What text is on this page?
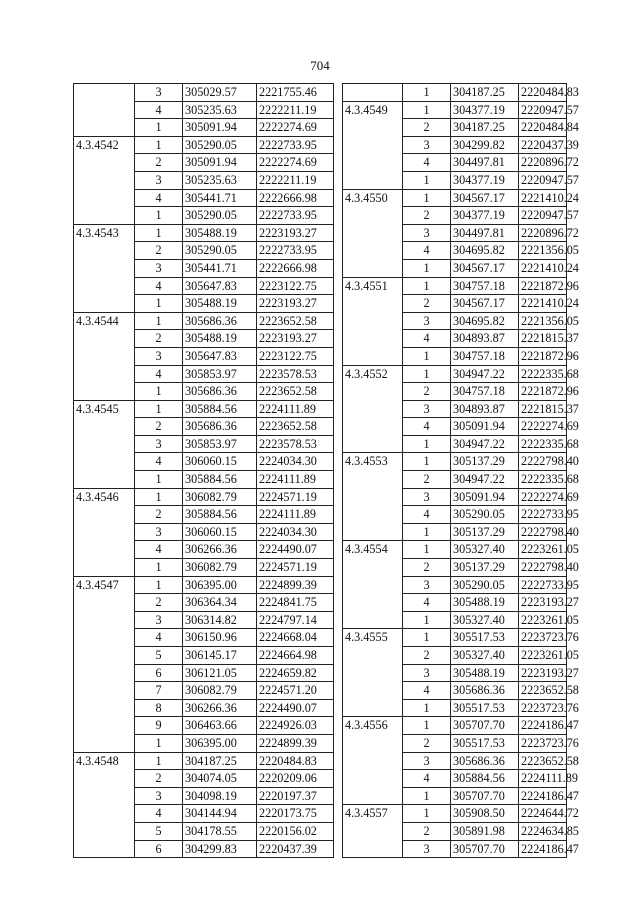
704
	3	305029.57	2221755.46
	4	305235.63	2222211.19
	1	305091.94	2222274.69
4.3.4542	1	305290.05	2222733.95
	2	305091.94	2222274.69
	3	305235.63	2222211.19
	4	305441.71	2222666.98
	1	305290.05	2222733.95
4.3.4543	1	305488.19	2223193.27
	2	305290.05	2222733.95
	3	305441.71	2222666.98
	4	305647.83	2223122.75
	1	305488.19	2223193.27
4.3.4544	1	305686.36	2223652.58
	2	305488.19	2223193.27
	3	305647.83	2223122.75
	4	305853.97	2223578.53
	1	305686.36	2223652.58
4.3.4545	1	305884.56	2224111.89
	2	305686.36	2223652.58
	3	305853.97	2223578.53
	4	306060.15	2224034.30
	1	305884.56	2224111.89
4.3.4546	1	306082.79	2224571.19
	2	305884.56	2224111.89
	3	306060.15	2224034.30
	4	306266.36	2224490.07
	1	306082.79	2224571.19
4.3.4547	1	306395.00	2224899.39
	2	306364.34	2224841.75
	3	306314.82	2224797.14
	4	306150.96	2224668.04
	5	306145.17	2224664.98
	6	306121.05	2224659.82
	7	306082.79	2224571.20
	8	306266.36	2224490.07
	9	306463.66	2224926.03
	1	306395.00	2224899.39
4.3.4548	1	304187.25	2220484.83
	2	304074.05	2220209.06
	3	304098.19	2220197.37
	4	304144.94	2220173.75
	5	304178.55	2220156.02
	6	304299.83	2220437.39
	1	304187.25	2220484.83
4.3.4549	1	304377.19	2220947.57
	2	304187.25	2220484.84
	3	304299.82	2220437.39
	4	304497.81	2220896.72
	1	304377.19	2220947.57
4.3.4550	1	304567.17	2221410.24
	2	304377.19	2220947.57
	3	304497.81	2220896.72
	4	304695.82	2221356.05
	1	304567.17	2221410.24
4.3.4551	1	304757.18	2221872.96
	2	304567.17	2221410.24
	3	304695.82	2221356.05
	4	304893.87	2221815.37
	1	304757.18	2221872.96
4.3.4552	1	304947.22	2222335.68
	2	304757.18	2221872.96
	3	304893.87	2221815.37
	4	305091.94	2222274.69
	1	304947.22	2222335.68
4.3.4553	1	305137.29	2222798.40
	2	304947.22	2222335.68
	3	305091.94	2222274.69
	4	305290.05	2222733.95
	1	305137.29	2222798.40
4.3.4554	1	305327.40	2223261.05
	2	305137.29	2222798.40
	3	305290.05	2222733.95
	4	305488.19	2223193.27
	1	305327.40	2223261.05
4.3.4555	1	305517.53	2223723.76
	2	305327.40	2223261.05
	3	305488.19	2223193.27
	4	305686.36	2223652.58
	1	305517.53	2223723.76
4.3.4556	1	305707.70	2224186.47
	2	305517.53	2223723.76
	3	305686.36	2223652.58
	4	305884.56	2224111.89
	1	305707.70	2224186.47
4.3.4557	1	305908.50	2224644.72
	2	305891.98	2224634.85
	3	305707.70	2224186.47
